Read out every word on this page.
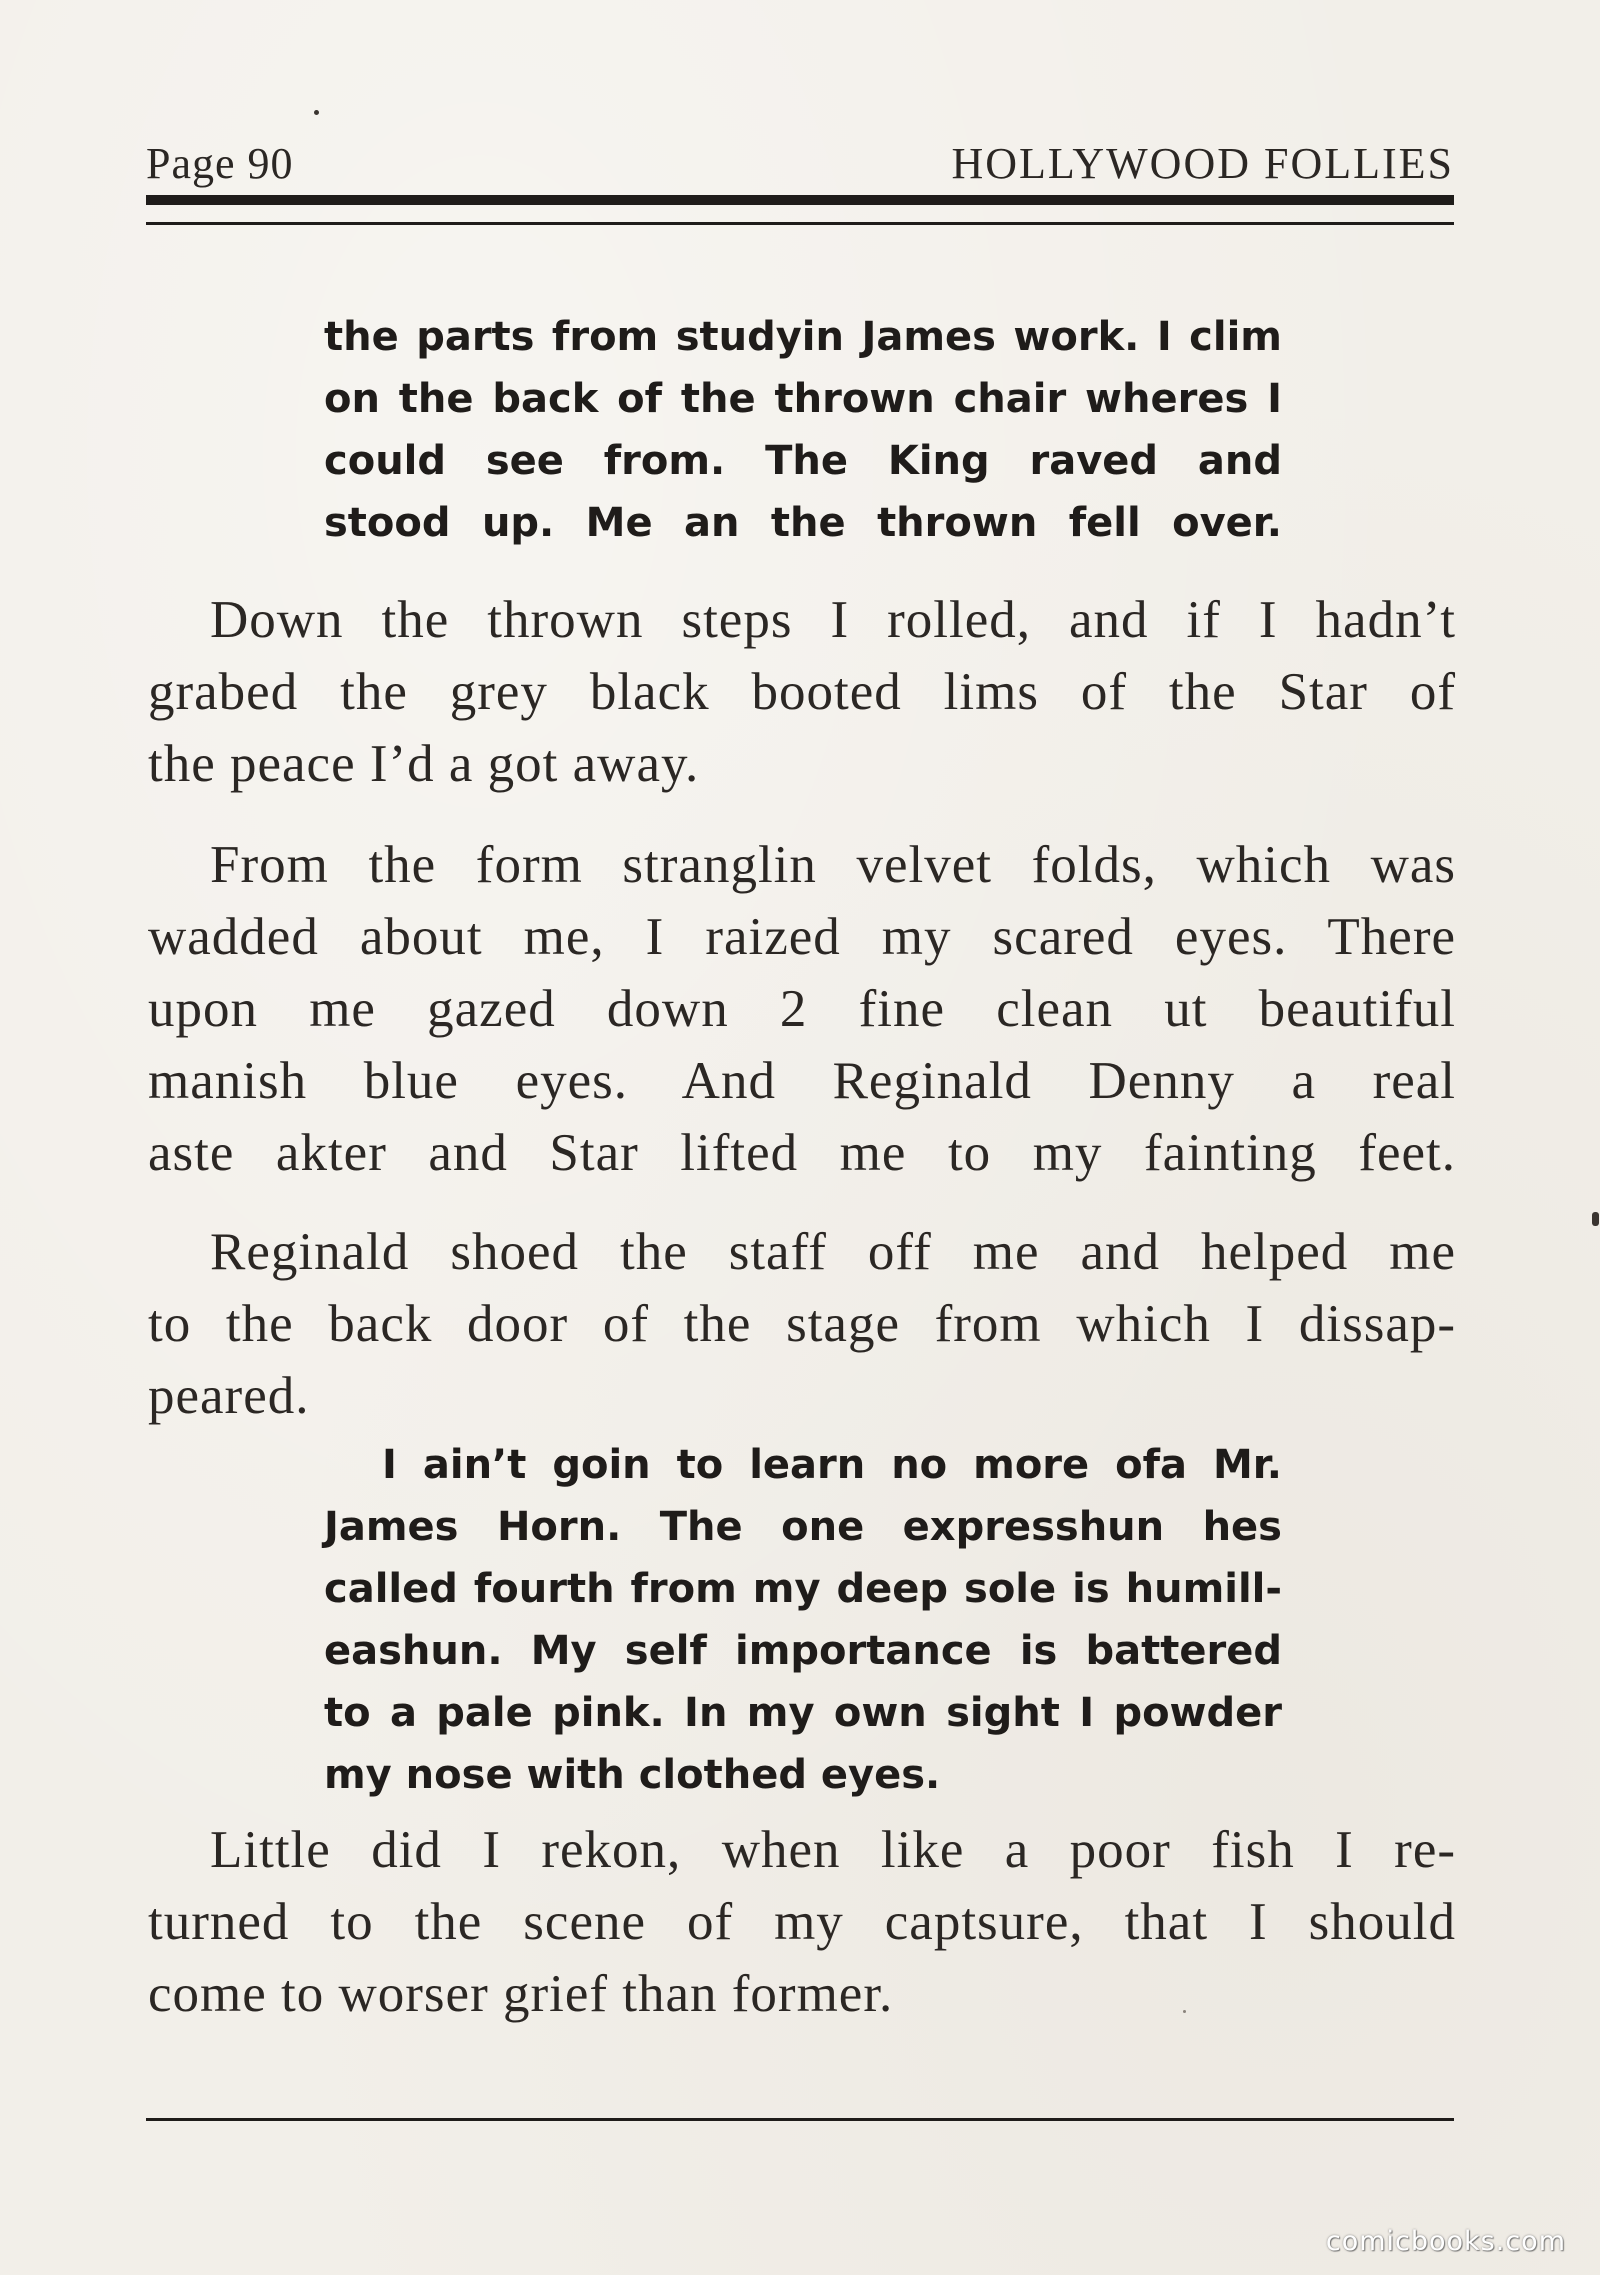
Page 90	HOLLYWOOD FOLLIES
the parts from studyin James work. I clim
on the back of the thrown chair wheres I
could see from. The King raved and
stood up. Me an the thrown fell over.
Down the thrown steps I rolled, and if I hadn’t
grabed the grey black booted lims of the Star of
the peace I’d a got away.
From the form stranglin velvet folds, which was
wadded about me, I raized my scared eyes. There
upon me gazed down 2 fine clean ut beautiful
manish blue eyes. And Reginald Denny a real
aste akter and Star lifted me to my fainting feet.
Reginald shoed the staff off me and helped me
to the back door of the stage from which I dissap-
peared.
I ain’t goin to learn no more ofa Mr.
James Horn. The one expresshun hes
called fourth from my deep sole is humill-
eashun. My self importance is battered
to a pale pink. In my own sight I powder
my nose with clothed eyes.
Little did I rekon, when like a poor fish I re-
turned to the scene of my captsure, that I should
come to worser grief than former.
comicbooks.com
